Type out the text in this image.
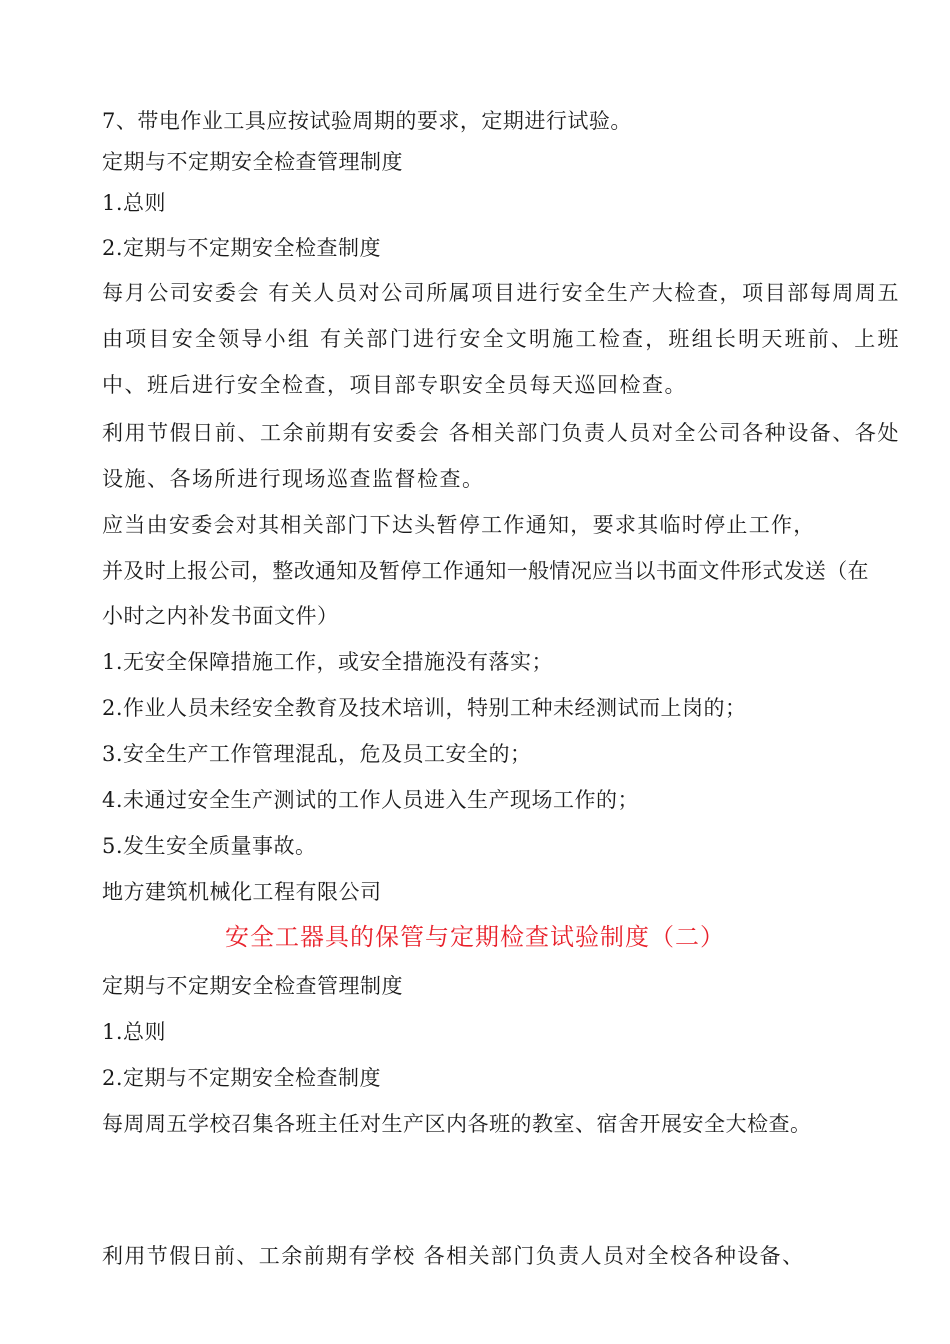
7、带电作业工具应按试验周期的要求，定期进行试验。
定期与不定期安全检查管理制度
1.总则
2.定期与不定期安全检查制度
每月公司安委会 有关人员对公司所属项目进行安全生产大检查，项目部每周周五由项目安全领导小组 有关部门进行安全文明施工检查，班组长明天班前、上班中、班后进行安全检查，项目部专职安全员每天巡回检查。
利用节假日前、工余前期有安委会 各相关部门负责人员对全公司各种设备、各处设施、各场所进行现场巡查监督检查。
应当由安委会对其相关部门下达头暂停工作通知，要求其临时停止工作，
并及时上报公司，整改通知及暂停工作通知一般情况应当以书面文件形式发送（在
小时之内补发书面文件）
1.无安全保障措施工作，或安全措施没有落实；
2.作业人员未经安全教育及技术培训，特别工种未经测试而上岗的；
3.安全生产工作管理混乱，危及员工安全的；
4.未通过安全生产测试的工作人员进入生产现场工作的；
5.发生安全质量事故。
地方建筑机械化工程有限公司
安全工器具的保管与定期检查试验制度（二）
定期与不定期安全检查管理制度
1.总则
2.定期与不定期安全检查制度
每周周五学校召集各班主任对生产区内各班的教室、宿舍开展安全大检查。
利用节假日前、工余前期有学校 各相关部门负责人员对全校各种设备、
